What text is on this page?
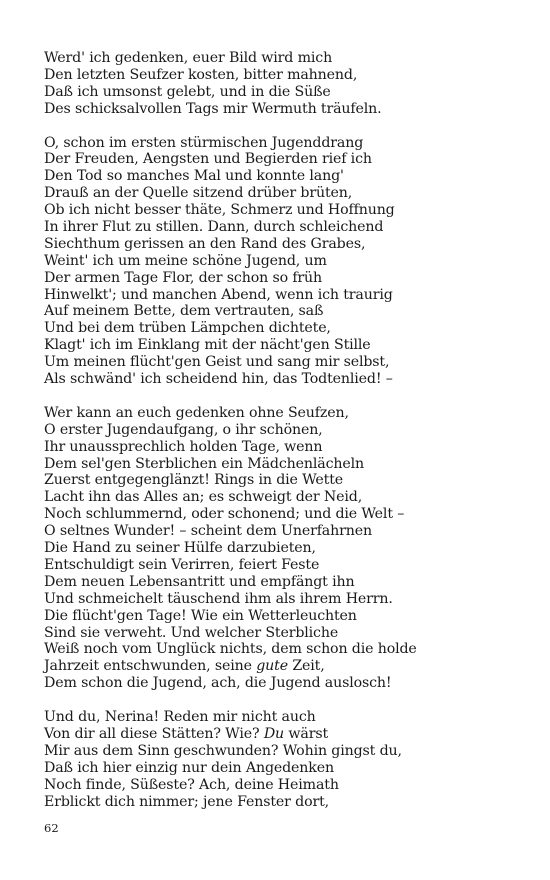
Werd' ich gedenken, euer Bild wird mich
Den letzten Seufzer kosten, bitter mahnend,
Daß ich umsonst gelebt, und in die Süße
Des schicksalvollen Tags mir Wermuth träufeln.
O, schon im ersten stürmischen Jugenddrang
Der Freuden, Aengsten und Begierden rief ich
Den Tod so manches Mal und konnte lang'
Drauß an der Quelle sitzend drüber brüten,
Ob ich nicht besser thäte, Schmerz und Hoffnung
In ihrer Flut zu stillen. Dann, durch schleichend
Siechthum gerissen an den Rand des Grabes,
Weint' ich um meine schöne Jugend, um
Der armen Tage Flor, der schon so früh
Hinwelkt'; und manchen Abend, wenn ich traurig
Auf meinem Bette, dem vertrauten, saß
Und bei dem trüben Lämpchen dichtete,
Klagt' ich im Einklang mit der nächt'gen Stille
Um meinen flücht'gen Geist und sang mir selbst,
Als schwänd' ich scheidend hin, das Todtenlied! –
Wer kann an euch gedenken ohne Seufzen,
O erster Jugendaufgang, o ihr schönen,
Ihr unaussprechlich holden Tage, wenn
Dem sel'gen Sterblichen ein Mädchenlächeln
Zuerst entgegenglänzt! Rings in die Wette
Lacht ihn das Alles an; es schweigt der Neid,
Noch schlummernd, oder schonend; und die Welt –
O seltnes Wunder! – scheint dem Unerfahrnen
Die Hand zu seiner Hülfe darzubieten,
Entschuldigt sein Verirren, feiert Feste
Dem neuen Lebensantritt und empfängt ihn
Und schmeichelt täuschend ihm als ihrem Herrn.
Die flücht'gen Tage! Wie ein Wetterleuchten
Sind sie verweht. Und welcher Sterbliche
Weiß noch vom Unglück nichts, dem schon die holde
Jahrzeit entschwunden, seine gute Zeit,
Dem schon die Jugend, ach, die Jugend auslosch!
Und du, Nerina! Reden mir nicht auch
Von dir all diese Stätten? Wie? Du wärst
Mir aus dem Sinn geschwunden? Wohin gingst du,
Daß ich hier einzig nur dein Angedenken
Noch finde, Süßeste? Ach, deine Heimath
Erblickt dich nimmer; jene Fenster dort,
62
